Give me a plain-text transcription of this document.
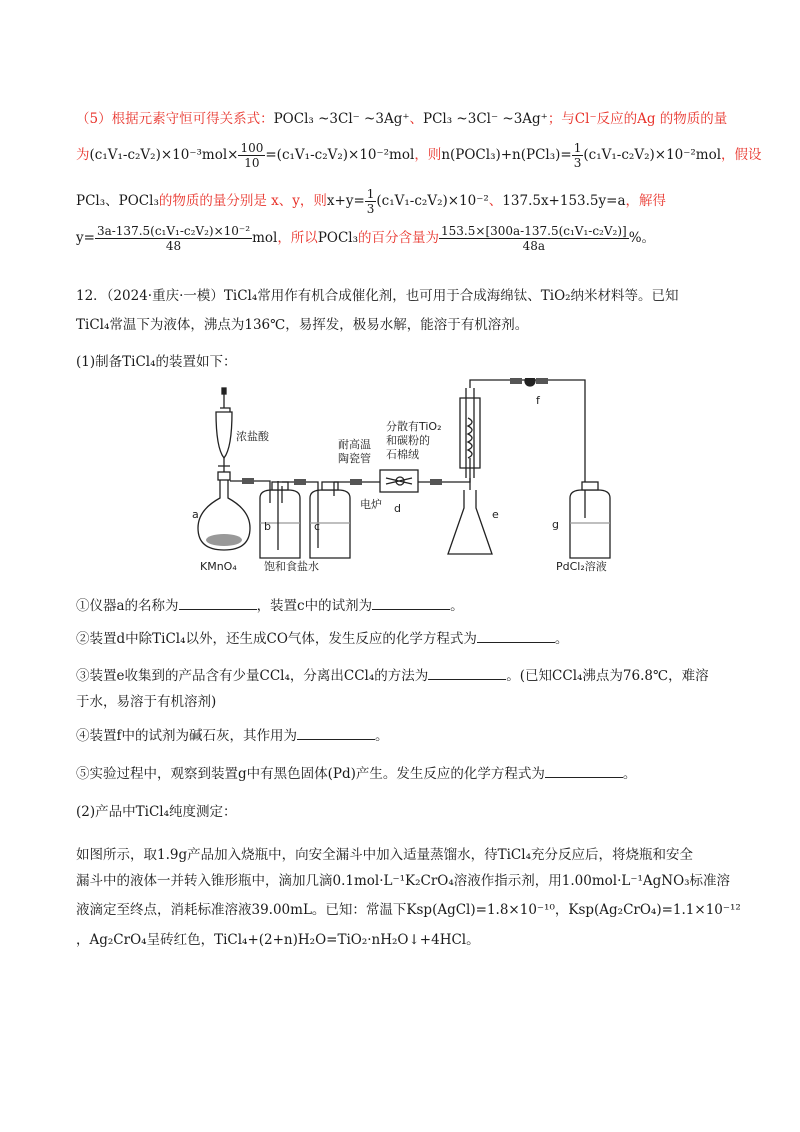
（5）根据元素守恒可得关系式：POCl₃ ~3Cl⁻ ~3Ag⁺、PCl₃ ~3Cl⁻ ~3Ag⁺；与Cl⁻反应的Ag 的物质的量
为$(c_1V_1-c_2V_2)\times 10^{-3}mol\times \frac{100}{10} =(c_1V_1-c_2V_2)\times 10^{-2}mol$，则n(POCl₃)+n(PCl₃)= $\frac{1}{3} (c_1V_1-c_2V_2)\times 10^{-2}mol$，假设
PCl₃、POCl₃的物质的量分别是 x、y，则$x+y= \frac{1}{3} (c_1V_1-c_2V_2)\times 10^{-2}$、137.5x+153.5y=a，解得
$y= \frac{\text{3a-137.5(c₁V₁-c₂V₂)×10⁻²}}{48}$ mol，所以POCl₃的百分含量为 $\frac{\text{153.5×[300a-137.5(c₁V₁-c₂V₂)]}}{48a}$ %。
12．（2024·重庆·一模）TiCl₄常用作有机合成催化剂，也可用于合成海绵钛、TiO₂纳米材料等。已知
TiCl₄常温下为液体，沸点为136℃，易挥发，极易水解，能溶于有机溶剂。
(1)制备TiCl₄的装置如下：
浓盐酸
a
b	c
耐高温
陶瓷管
分散有TiO₂
和碳粉的
石棉绒
电炉 d	e
f
g
KMnO₄ 饱和食盐水	PdCl₂溶液
①仪器a的名称为	，装置c中的试剂为	。
②装置d中除TiCl₄以外，还生成CO气体，发生反应的化学方程式为	。
③装置e收集到的产品含有少量CCl₄，分离出CCl₄的方法为	。(已知CCl₄沸点为76.8℃，难溶
于水，易溶于有机溶剂)
④装置f中的试剂为碱石灰，其作用为	。
⑤实验过程中，观察到装置g中有黑色固体(Pd)产生。发生反应的化学方程式为	。
(2)产品中TiCl₄纯度测定：
如图所示，取1.9g产品加入烧瓶中，向安全漏斗中加入适量蒸馏水，待TiCl₄充分反应后，将烧瓶和安全
漏斗中的液体一并转入锥形瓶中，滴加几滴0.1mol·L⁻¹K₂CrO₄溶液作指示剂，用1.00mol·L⁻¹AgNO₃标准溶
液滴定至终点，消耗标准溶液39.00mL。已知：常温下Ksp(AgCl)=1.8×10⁻¹⁰，Ksp(Ag₂CrO₄)=1.1×10⁻¹²
，Ag₂CrO₄呈砖红色，TiCl₄+(2+n)H₂O=TiO₂·nH₂O↓+4HCl。
